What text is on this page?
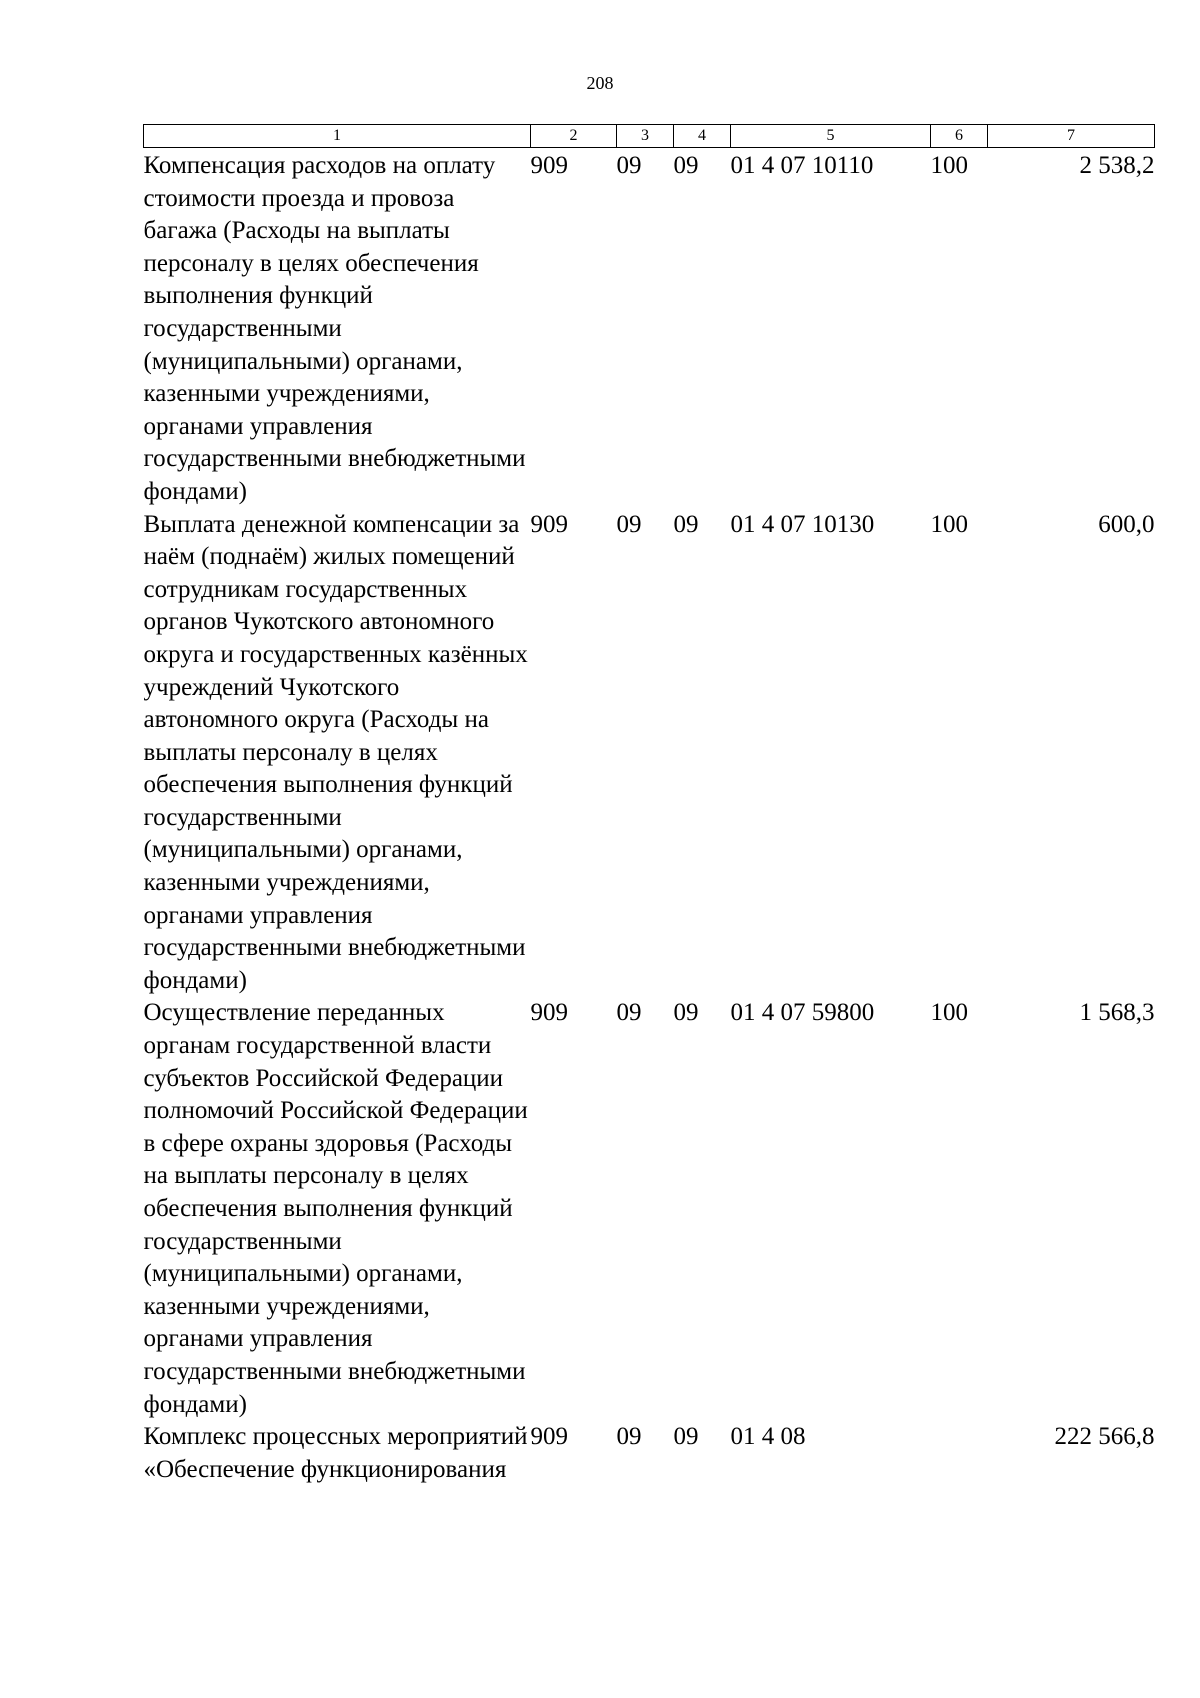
208
1	2	3	4	5	6	7
Компенсация расходов на оплату стоимости проезда и провоза багажа (Расходы на выплаты персоналу в целях обеспечения выполнения функций государственными (муниципальными) органами, казенными учреждениями, органами управления государственными внебюджетными фондами)	909	09	09	01 4 07 10110	100	2 538,2
Выплата денежной компенсации за наём (поднаём) жилых помещений сотрудникам государственных органов Чукотского автономного округа и государственных казённых учреждений Чукотского автономного округа (Расходы на выплаты персоналу в целях обеспечения выполнения функций государственными (муниципальными) органами, казенными учреждениями, органами управления государственными внебюджетными фондами)	909	09	09	01 4 07 10130	100	600,0
Осуществление переданных органам государственной власти субъектов Российской Федерации полномочий Российской Федерации в сфере охраны здоровья (Расходы на выплаты персоналу в целях обеспечения выполнения функций государственными (муниципальными) органами, казенными учреждениями, органами управления государственными внебюджетными фондами)	909	09	09	01 4 07 59800	100	1 568,3
Комплекс процессных мероприятий «Обеспечение функционирования	909	09	09	01 4 08		222 566,8
